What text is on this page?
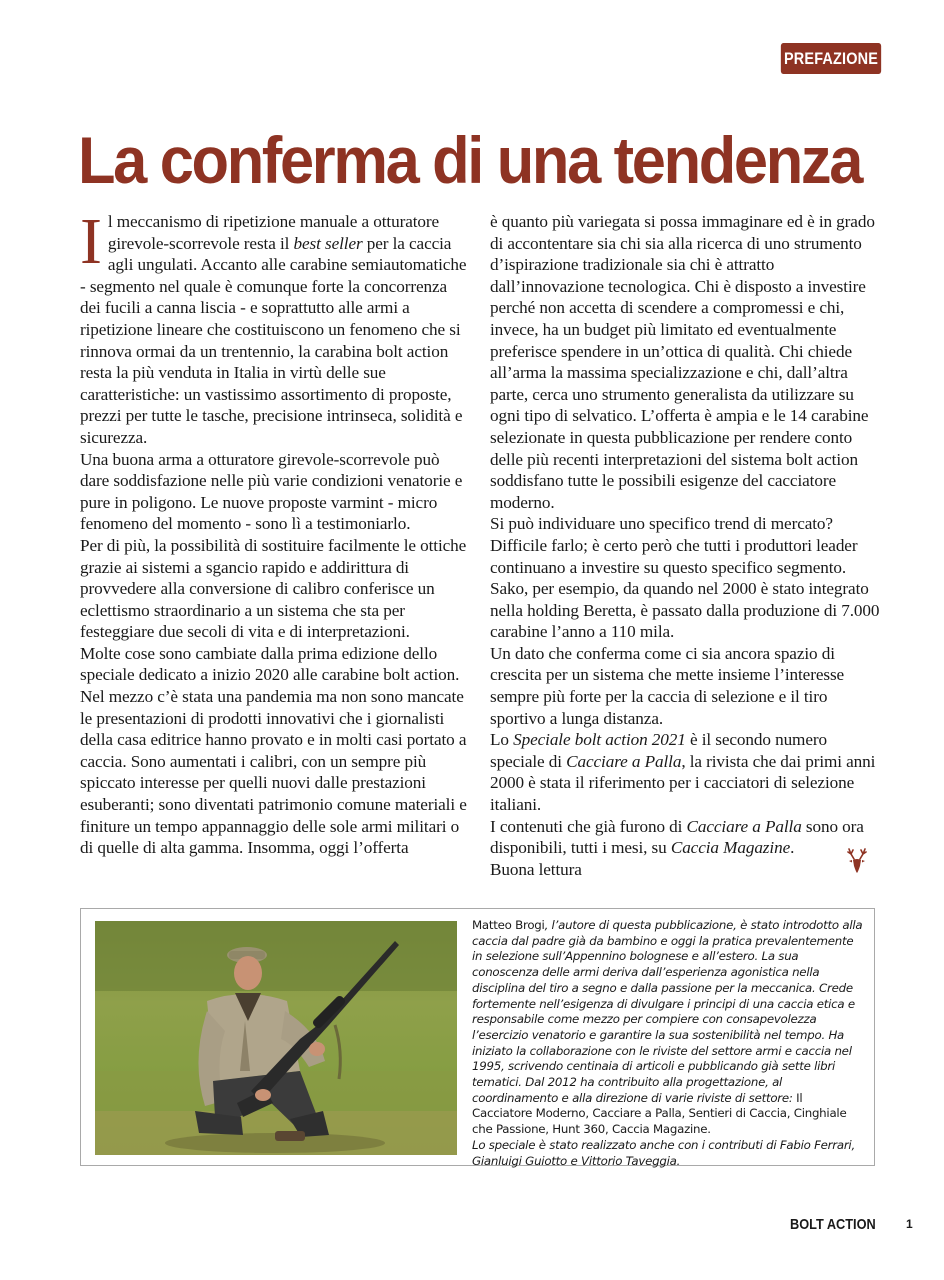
PREFAZIONE
La conferma di una tendenza

Il meccanismo di ripetizione manuale a otturatore girevole-scorrevole resta il best seller per la caccia agli ungulati. Accanto alle carabine semiautomatiche - segmento nel quale è comunque forte la concorrenza dei fucili a canna liscia - e soprattutto alle armi a ripetizione lineare che costituiscono un fenomeno che si rinnova ormai da un trentennio, la carabina bolt action resta la più venduta in Italia in virtù delle sue caratteristiche: un vastissimo assortimento di proposte, prezzi per tutte le tasche, precisione intrinseca, solidità e sicurezza.

Una buona arma a otturatore girevole-scorrevole può dare soddisfazione nelle più varie condizioni venatorie e pure in poligono. Le nuove proposte varmint - micro fenomeno del momento - sono lì a testimoniarlo.

Per di più, la possibilità di sostituire facilmente le ottiche grazie ai sistemi a sgancio rapido e addirittura di provvedere alla conversione di calibro conferisce un eclettismo straordinario a un sistema che sta per festeggiare due secoli di vita e di interpretazioni.

Molte cose sono cambiate dalla prima edizione dello speciale dedicato a inizio 2020 alle carabine bolt action. Nel mezzo c’è stata una pandemia ma non sono mancate le presentazioni di prodotti innovativi che i giornalisti della casa editrice hanno provato e in molti casi portato a caccia. Sono aumentati i calibri, con un sempre più spiccato interesse per quelli nuovi dalle prestazioni esuberanti; sono diventati patrimonio comune materiali e finiture un tempo appannaggio delle sole armi militari o di quelle di alta gamma. Insomma, oggi l’offerta

è quanto più variegata si possa immaginare ed è in grado di accontentare sia chi sia alla ricerca di uno strumento d’ispirazione tradizionale sia chi è attratto dall’innovazione tecnologica. Chi è disposto a investire perché non accetta di scendere a compromessi e chi, invece, ha un budget più limitato ed eventualmente preferisce spendere in un’ottica di qualità. Chi chiede all’arma la massima specializzazione e chi, dall’altra parte, cerca uno strumento generalista da utilizzare su ogni tipo di selvatico. L’offerta è ampia e le 14 carabine selezionate in questa pubblicazione per rendere conto delle più recenti interpretazioni del sistema bolt action soddisfano tutte le possibili esigenze del cacciatore moderno.

Si può individuare uno specifico trend di mercato? Difficile farlo; è certo però che tutti i produttori leader continuano a investire su questo specifico segmento. Sako, per esempio, da quando nel 2000 è stato integrato nella holding Beretta, è passato dalla produzione di 7.000 carabine l’anno a 110 mila.

Un dato che conferma come ci sia ancora spazio di crescita per un sistema che mette insieme l’interesse sempre più forte per la caccia di selezione e il tiro sportivo a lunga distanza.

Lo Speciale bolt action 2021 è il secondo numero speciale di Cacciare a Palla, la rivista che dai primi anni 2000 è stata il riferimento per i cacciatori di selezione italiani.

I contenuti che già furono di Cacciare a Palla sono ora disponibili, tutti i mesi, su Caccia Magazine.

Buona lettura

Matteo Brogi, l’autore di questa pubblicazione, è stato introdotto alla caccia dal padre già da bambino e oggi la pratica prevalentemente in selezione sull’Appennino bolognese e all’estero. La sua conoscenza delle armi deriva dall’esperienza agonistica nella disciplina del tiro a segno e dalla passione per la meccanica. Crede fortemente nell’esigenza di divulgare i principi di una caccia etica e responsabile come mezzo per compiere con consapevolezza l’esercizio venatorio e garantire la sua sostenibilità nel tempo. Ha iniziato la collaborazione con le riviste del settore armi e caccia nel 1995, scrivendo centinaia di articoli e pubblicando già sette libri tematici. Dal 2012 ha contribuito alla progettazione, al coordinamento e alla direzione di varie riviste di settore: Il Cacciatore Moderno, Cacciare a Palla, Sentieri di Caccia, Cinghiale che Passione, Hunt 360, Caccia Magazine.
Lo speciale è stato realizzato anche con i contributi di Fabio Ferrari, Gianluigi Guiotto e Vittorio Taveggia.

BOLT ACTION	1
